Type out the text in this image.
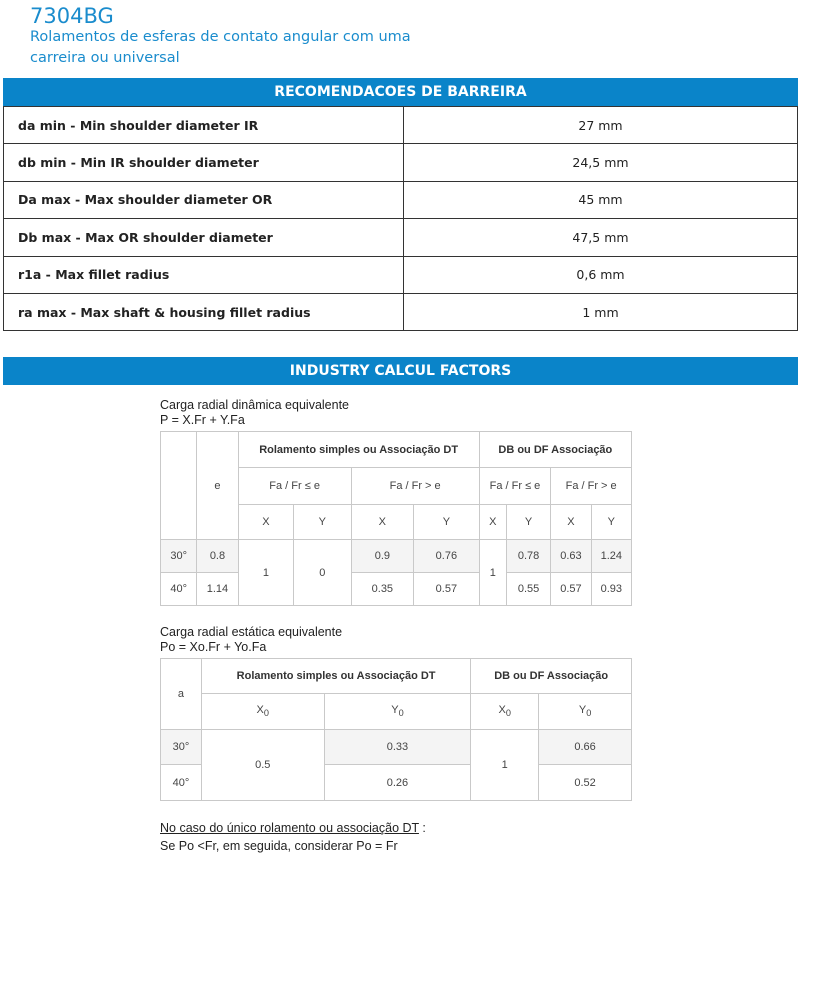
7304BG
Rolamentos de esferas de contato angular com uma carreira ou universal
RECOMENDACOES DE BARREIRA
da min - Min shoulder diameter IR	27 mm
db min - Min IR shoulder diameter	24,5 mm
Da max - Max shoulder diameter OR	45 mm
Db max - Max OR shoulder diameter	47,5 mm
r1a - Max fillet radius	0,6 mm
ra max - Max shaft & housing fillet radius	1 mm
INDUSTRY CALCUL FACTORS
Carga radial dinâmica equivalente
P = X.Fr + Y.Fa
	e	Rolamento simples ou Associação DT				DB ou DF Associação			
		Fa / Fr ≤ e		Fa / Fr > e		Fa / Fr ≤ e		Fa / Fr > e	
		X	Y	X	Y	X	Y	X	Y
30°	0.8	1	0	0.9	0.76	1	0.78	0.63	1.24
40°	1.14			0.35	0.57		0.55	0.57	0.93
Carga radial estática equivalente
Po = Xo.Fr + Yo.Fa
a	Rolamento simples ou Associação DT		DB ou DF Associação	
	$X_0$	$Y_0$	$X_0$	$Y_0$
30°	0.5	0.33	1	0.66
40°		0.26		0.52
No caso do único rolamento ou associação DT :
Se Po <Fr, em seguida, considerar Po = Fr
